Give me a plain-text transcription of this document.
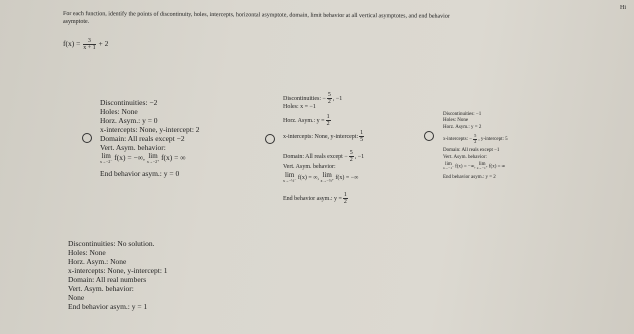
Hi
For each function, identify the points of discontinuity, holes, intercepts, horizontal asymptote, domain, limit behavior at all vertical asymptotes, and end behavior
asymptote.
$f(x) = \frac{3}{x + 1} + 2$
Discontinuities: −2
Holes: None
Horz. Asym.: y = 0
x-intercepts: None, y-intercept: 2
Domain: All reals except −2
Vert. Asym. behavior:
lim
x→−2⁻ f(x) = −∞, lim
x→−2⁺ f(x) = ∞
End behavior asym.: y = 0
Discontinuities: − $\frac{5}{2}$ , −1
Holes: x = −1
Horz. Asym.: $y = \frac{1}{2}$
x-intercepts: None, y-intercept: $\frac{1}{5}$
Domain: All reals except − $\frac{5}{2}$ , −1
Vert. Asym. behavior:
lim
x→−½⁻ f(x) = ∞, lim
x→−½⁺ f(x) = −∞
End behavior asym.: $y = \frac{1}{2}$
Discontinuities: −1
Holes: None
Horz. Asym.: y = 2
x-intercepts: − $\frac{5}{2}$ , y-intercept: 5
Domain: All reals except −1
Vert. Asym. behavior:
lim
x→−1⁻ f(x) = −∞, lim
x→−1⁺ f(x) = ∞
End behavior asym.: y = 2
Discontinuities: No solution.
Holes: None
Horz. Asym.: None
x-intercepts: None, y-intercept: 1
Domain: All real numbers
Vert. Asym. behavior:
None
End behavior asym.: y = 1
